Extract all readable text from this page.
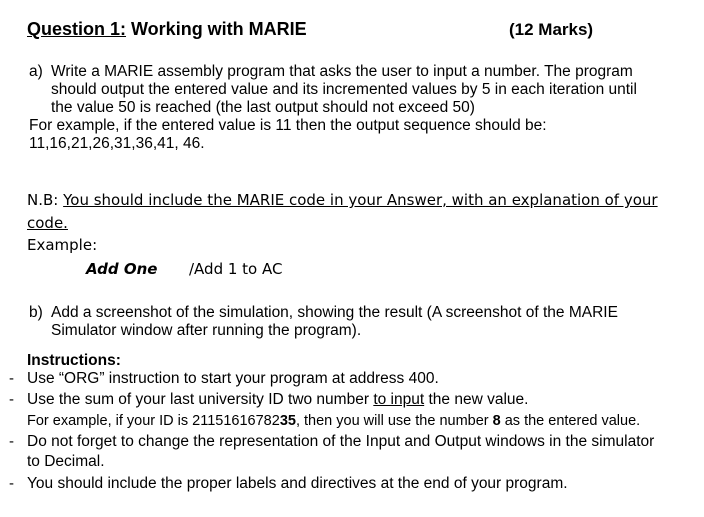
Question 1: Working with MARIE	(12 Marks)
a) Write a MARIE assembly program that asks the user to input a number. The program
should output the entered value and its incremented values by 5 in each iteration until
the value 50 is reached (the last output should not exceed 50)
For example, if the entered value is 11 then the output sequence should be:
11,16,21,26,31,36,41, 46.
N.B: You should include the MARIE code in your Answer, with an explanation of your
code.
Example:
Add One /Add 1 to AC
b) Add a screenshot of the simulation, showing the result (A screenshot of the MARIE
Simulator window after running the program).
Instructions:
- Use “ORG” instruction to start your program at address 400.
- Use the sum of your last university ID two number to input the new value.
For example, if your ID is 2115161678235, then you will use the number 8 as the entered value.
- Do not forget to change the representation of the Input and Output windows in the simulator
to Decimal.
- You should include the proper labels and directives at the end of your program.
